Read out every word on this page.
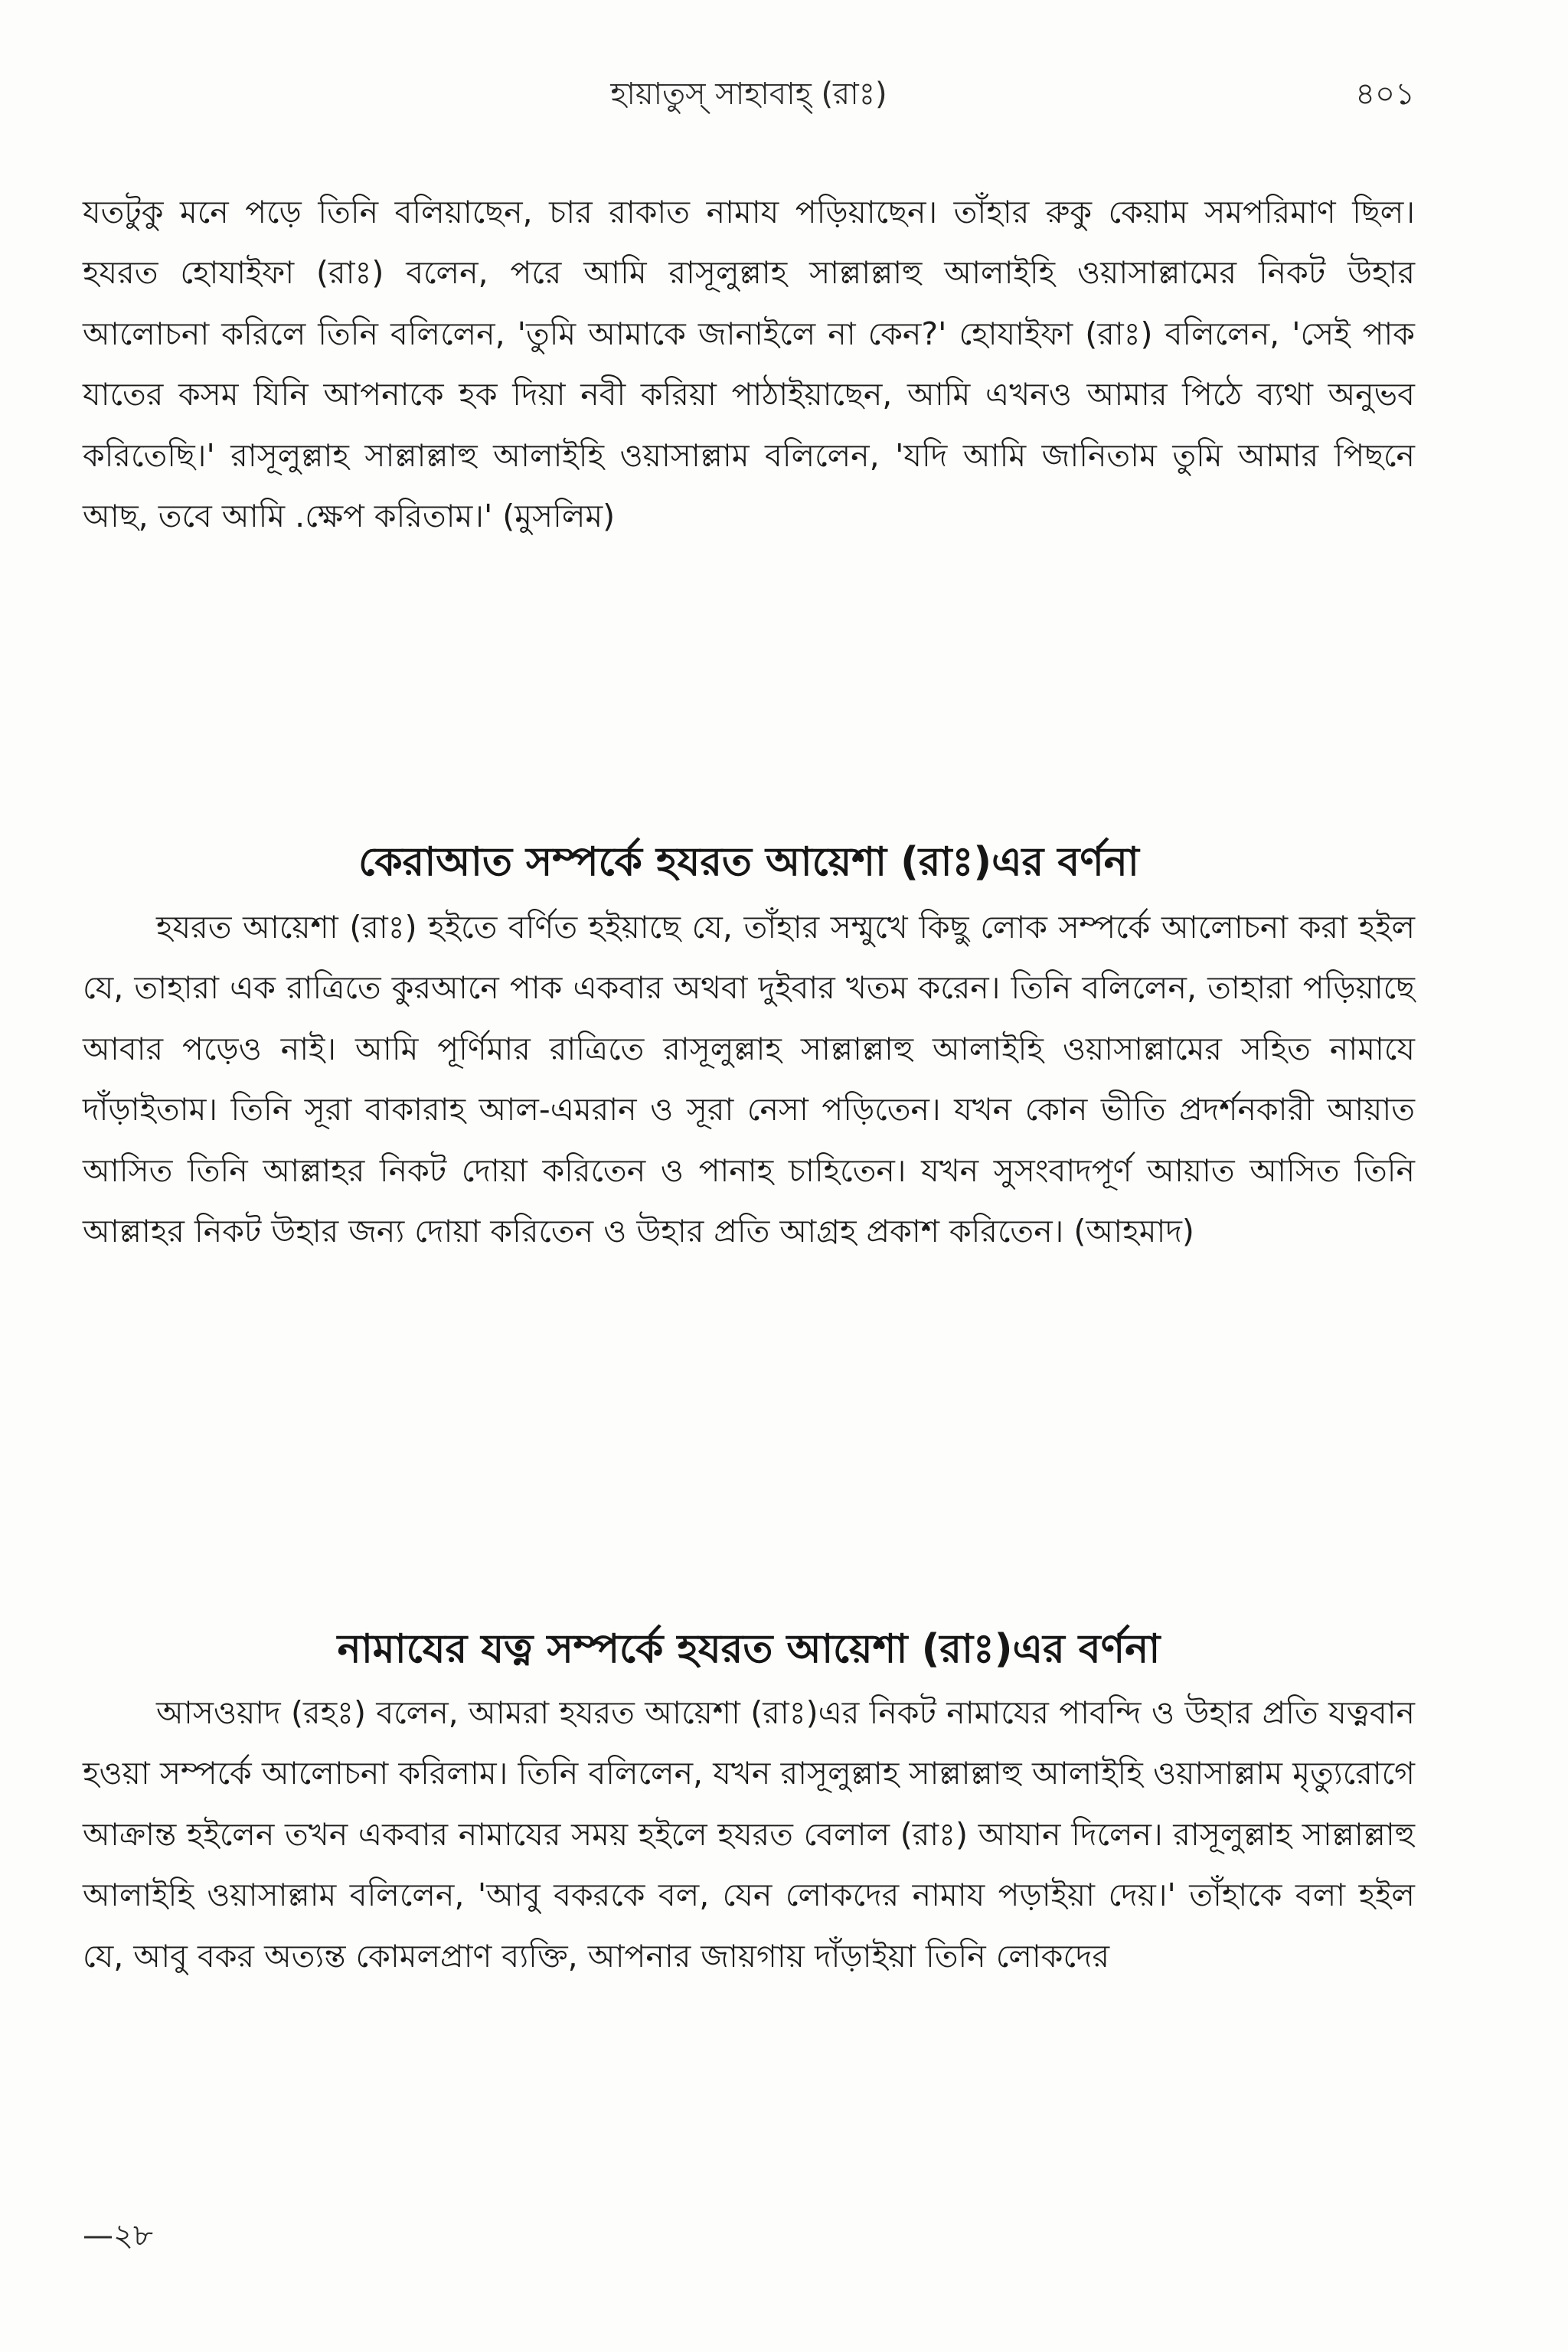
হায়াতুস্ সাহাবাহ্ (রাঃ)	৪০১

যতটুকু মনে পড়ে তিনি বলিয়াছেন, চার রাকাত নামায পড়িয়াছেন। তাঁহার রুকু কেয়াম সমপরিমাণ ছিল। হযরত হোযাইফা (রাঃ) বলেন, পরে আমি রাসূলুল্লাহ সাল্লাল্লাহু আলাইহি ওয়াসাল্লামের নিকট উহার আলোচনা করিলে তিনি বলিলেন, 'তুমি আমাকে জানাইলে না কেন?' হোযাইফা (রাঃ) বলিলেন, 'সেই পাক যাতের কসম যিনি আপনাকে হক দিয়া নবী করিয়া পাঠাইয়াছেন, আমি এখনও আমার পিঠে ব্যথা অনুভব করিতেছি।' রাসূলুল্লাহ সাল্লাল্লাহু আলাইহি ওয়াসাল্লাম বলিলেন, 'যদি আমি জানিতাম তুমি আমার পিছনে আছ, তবে আমি .ক্ষেপ করিতাম।' (মুসলিম)

কেরাআত সম্পর্কে হযরত আয়েশা (রাঃ)এর বর্ণনা

হযরত আয়েশা (রাঃ) হইতে বর্ণিত হইয়াছে যে, তাঁহার সম্মুখে কিছু লোক সম্পর্কে আলোচনা করা হইল যে, তাহারা এক রাত্রিতে কুরআনে পাক একবার অথবা দুইবার খতম করেন। তিনি বলিলেন, তাহারা পড়িয়াছে আবার পড়েও নাই। আমি পূর্ণিমার রাত্রিতে রাসূলুল্লাহ সাল্লাল্লাহু আলাইহি ওয়াসাল্লামের সহিত নামাযে দাঁড়াইতাম। তিনি সূরা বাকারাহ আল-এমরান ও সূরা নেসা পড়িতেন। যখন কোন ভীতি প্রদর্শনকারী আয়াত আসিত তিনি আল্লাহর নিকট দোয়া করিতেন ও পানাহ চাহিতেন। যখন সুসংবাদপূর্ণ আয়াত আসিত তিনি আল্লাহর নিকট উহার জন্য দোয়া করিতেন ও উহার প্রতি আগ্রহ প্রকাশ করিতেন। (আহমাদ)

নামাযের যত্ন সম্পর্কে হযরত আয়েশা (রাঃ)এর বর্ণনা

আসওয়াদ (রহঃ) বলেন, আমরা হযরত আয়েশা (রাঃ)এর নিকট নামাযের পাবন্দি ও উহার প্রতি যত্নবান হওয়া সম্পর্কে আলোচনা করিলাম। তিনি বলিলেন, যখন রাসূলুল্লাহ সাল্লাল্লাহু আলাইহি ওয়াসাল্লাম মৃত্যুরোগে আক্রান্ত হইলেন তখন একবার নামাযের সময় হইলে হযরত বেলাল (রাঃ) আযান দিলেন। রাসূলুল্লাহ সাল্লাল্লাহু আলাইহি ওয়াসাল্লাম বলিলেন, 'আবু বকরকে বল, যেন লোকদের নামায পড়াইয়া দেয়।' তাঁহাকে বলা হইল যে, আবু বকর অত্যন্ত কোমলপ্রাণ ব্যক্তি, আপনার জায়গায় দাঁড়াইয়া তিনি লোকদের

—২৮
